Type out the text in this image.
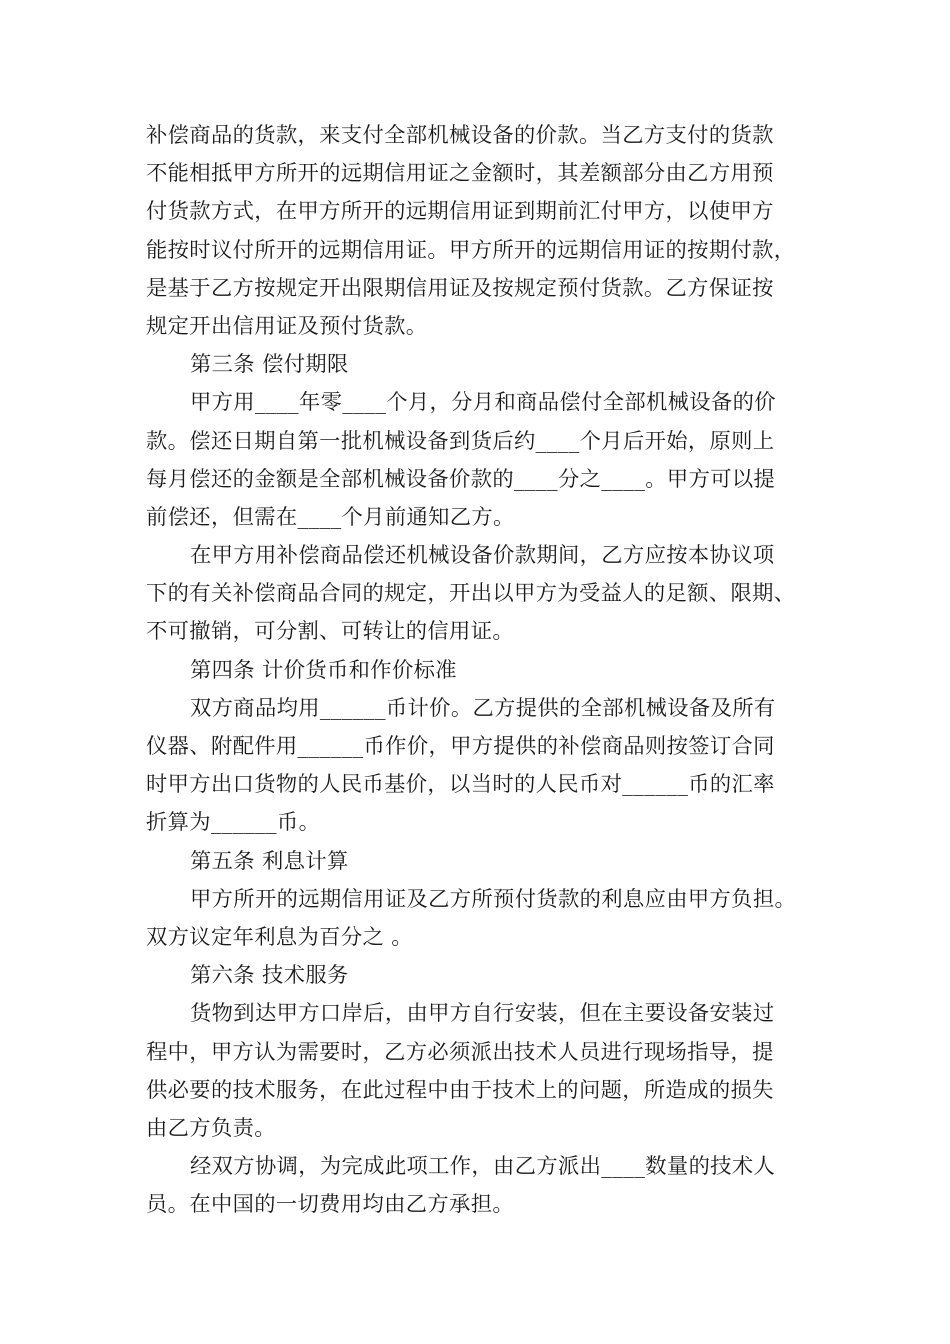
补偿商品的货款，来支付全部机械设备的价款。当乙方支付的货款
不能相抵甲方所开的远期信用证之金额时，其差额部分由乙方用预
付货款方式，在甲方所开的远期信用证到期前汇付甲方，以使甲方
能按时议付所开的远期信用证。甲方所开的远期信用证的按期付款，
是基于乙方按规定开出限期信用证及按规定预付货款。乙方保证按
规定开出信用证及预付货款。
第三条 偿付期限
甲方用____年零____个月，分月和商品偿付全部机械设备的价
款。偿还日期自第一批机械设备到货后约____个月后开始，原则上
每月偿还的金额是全部机械设备价款的____分之____。甲方可以提
前偿还，但需在____个月前通知乙方。
在甲方用补偿商品偿还机械设备价款期间，乙方应按本协议项
下的有关补偿商品合同的规定，开出以甲方为受益人的足额、限期、
不可撤销，可分割、可转让的信用证。
第四条 计价货币和作价标准
双方商品均用______币计价。乙方提供的全部机械设备及所有
仪器、附配件用______币作价，甲方提供的补偿商品则按签订合同
时甲方出口货物的人民币基价，以当时的人民币对______币的汇率
折算为______币。
第五条 利息计算
甲方所开的远期信用证及乙方所预付货款的利息应由甲方负担。
双方议定年利息为百分之 。
第六条 技术服务
货物到达甲方口岸后，由甲方自行安装，但在主要设备安装过
程中，甲方认为需要时，乙方必须派出技术人员进行现场指导，提
供必要的技术服务，在此过程中由于技术上的问题，所造成的损失
由乙方负责。
经双方协调，为完成此项工作，由乙方派出____数量的技术人
员。在中国的一切费用均由乙方承担。
